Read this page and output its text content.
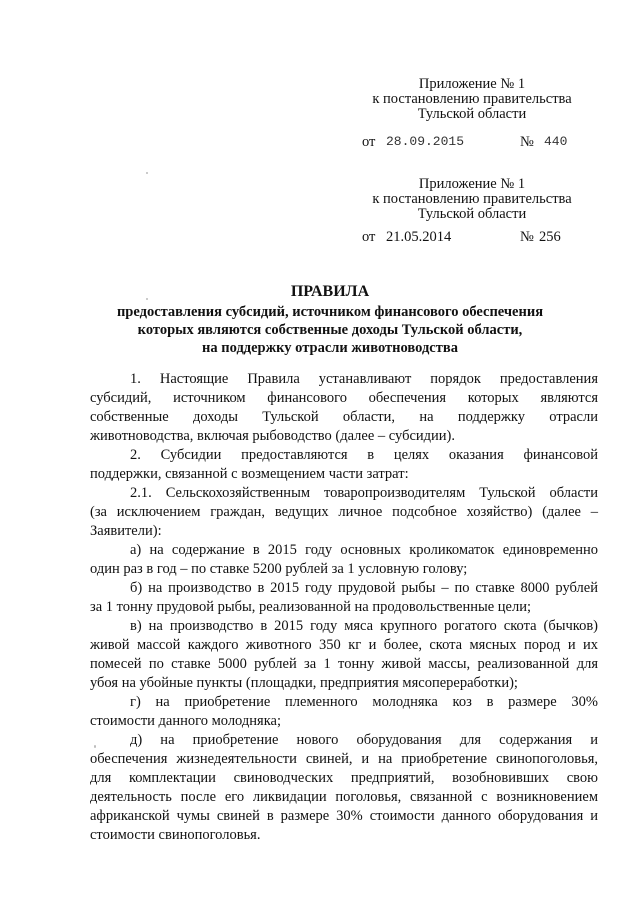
Приложение № 1
к постановлению правительства
Тульской области
от 28.09.2015	№ 440
Приложение № 1
к постановлению правительства
Тульской области
от 21.05.2014	№ 256
ПРАВИЛА
предоставления субсидий, источником финансового обеспечения
которых являются собственные доходы Тульской области,
на поддержку отрасли животноводства
1. Настоящие Правила устанавливают порядок предоставления
субсидий, источником финансового обеспечения которых являются
собственные доходы Тульской области, на поддержку отрасли
животноводства, включая рыбоводство (далее – субсидии).
2. Субсидии предоставляются в целях оказания финансовой
поддержки, связанной с возмещением части затрат:
2.1. Сельскохозяйственным товаропроизводителям Тульской области
(за исключением граждан, ведущих личное подсобное хозяйство) (далее –
Заявители):
а) на содержание в 2015 году основных кроликоматок единовременно
один раз в год – по ставке 5200 рублей за 1 условную голову;
б) на производство в 2015 году прудовой рыбы – по ставке 8000 рублей
за 1 тонну прудовой рыбы, реализованной на продовольственные цели;
в) на производство в 2015 году мяса крупного рогатого скота (бычков)
живой массой каждого животного 350 кг и более, скота мясных пород и их
помесей по ставке 5000 рублей за 1 тонну живой массы, реализованной для
убоя на убойные пункты (площадки, предприятия мясопереработки);
г) на приобретение племенного молодняка коз в размере 30%
стоимости данного молодняка;
д) на приобретение нового оборудования для содержания и
обеспечения жизнедеятельности свиней, и на приобретение свинопоголовья,
для комплектации свиноводческих предприятий, возобновивших свою
деятельность после его ликвидации поголовья, связанной с возникновением
африканской чумы свиней в размере 30% стоимости данного оборудования и
стоимости свинопоголовья.
